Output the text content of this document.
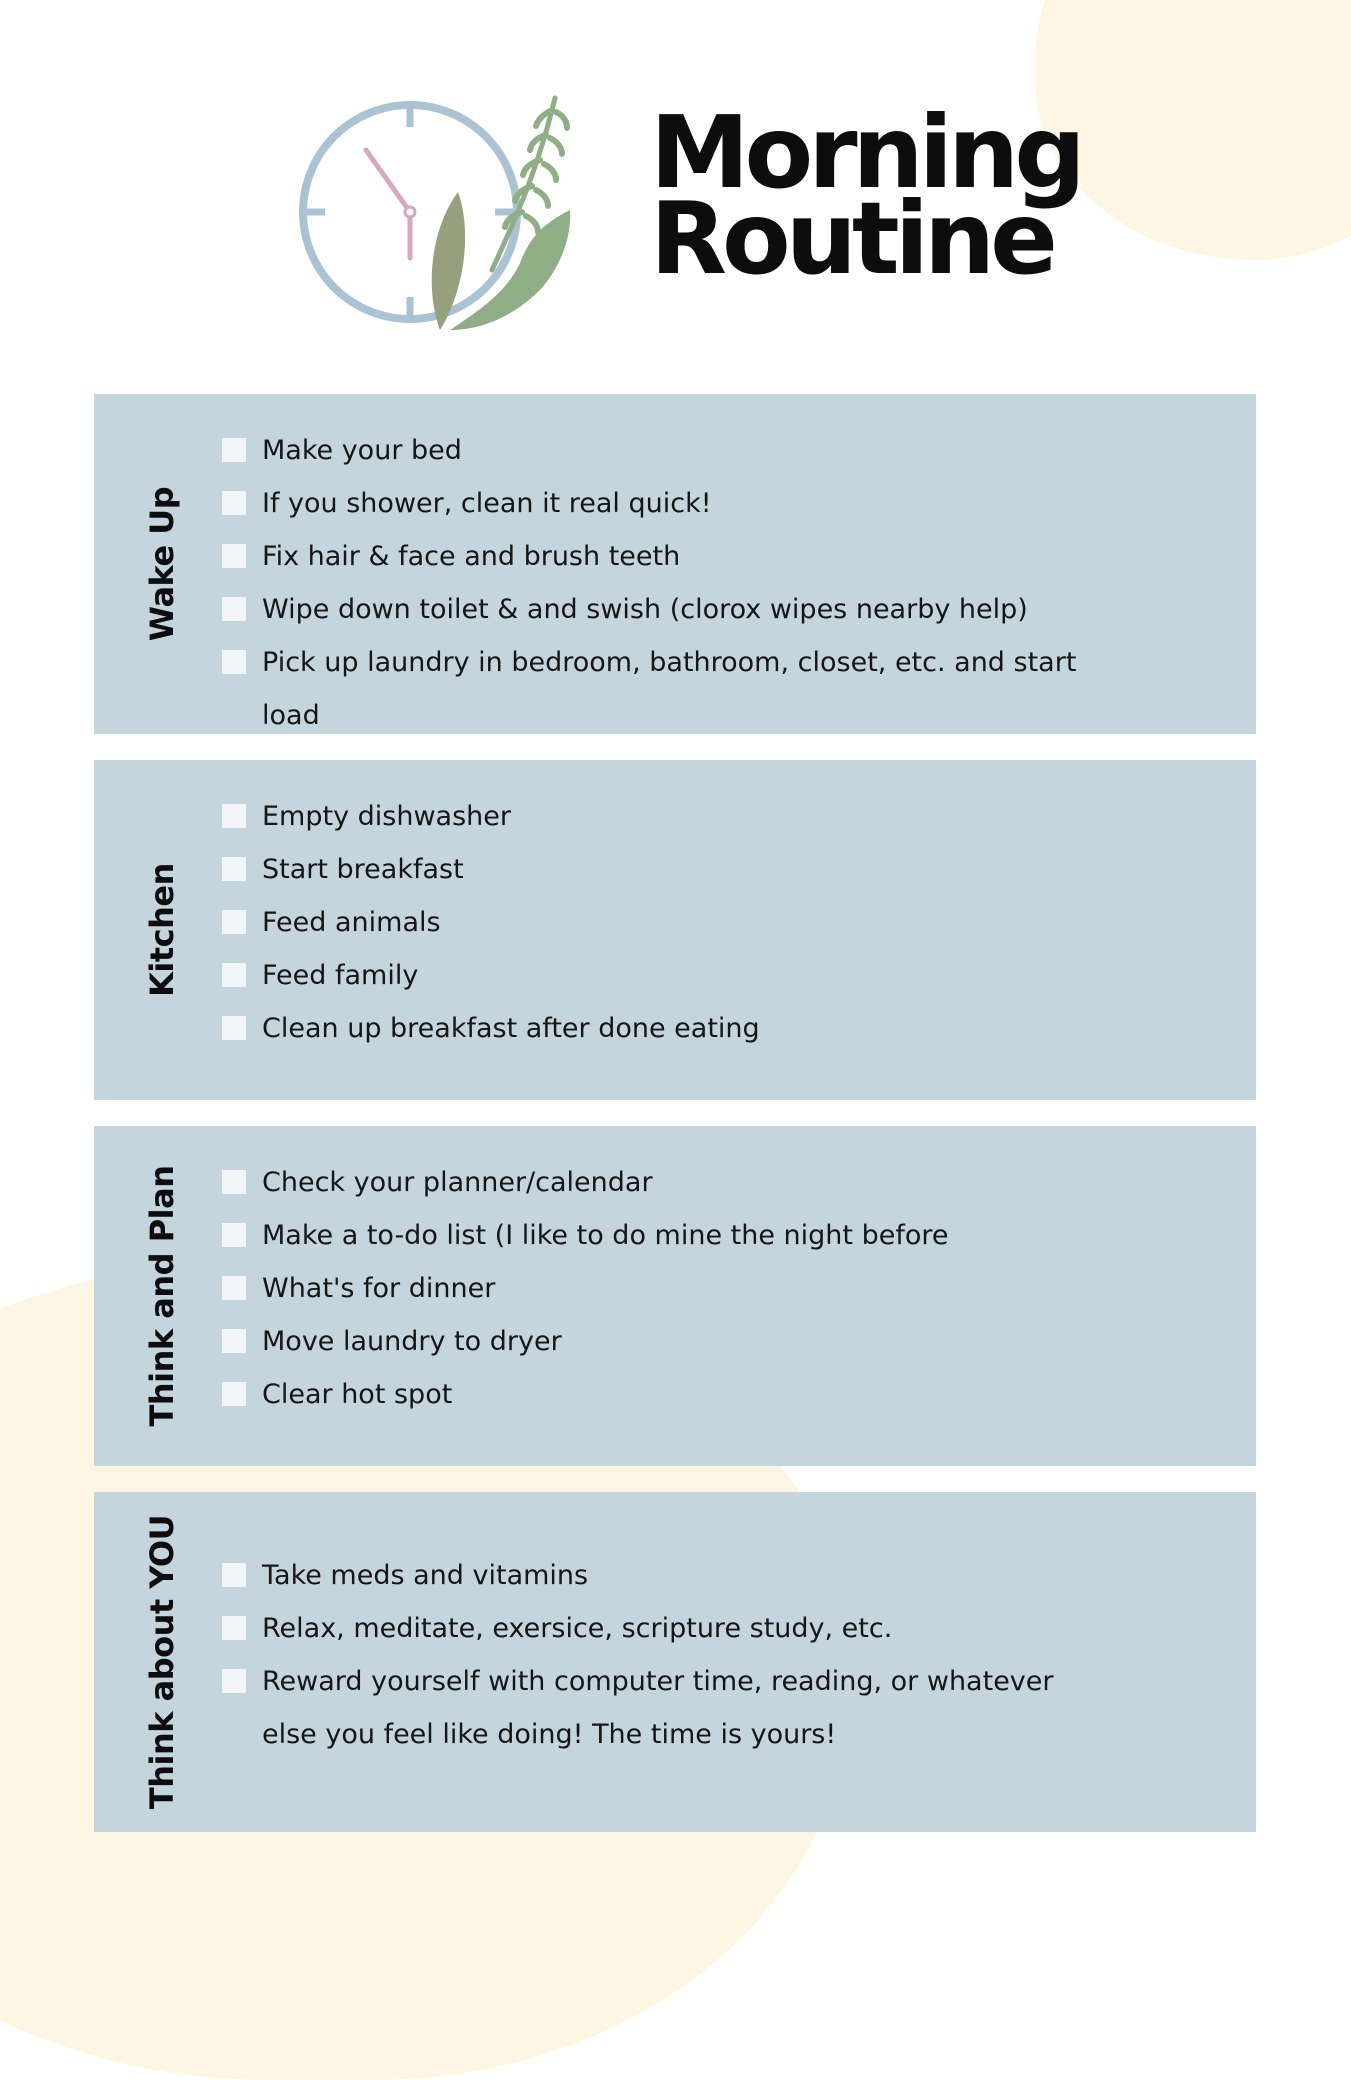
Morning
Routine
Wake Up
Make your bed
If you shower, clean it real quick!
Fix hair & face and brush teeth
Wipe down toilet & and swish (clorox wipes nearby help)
Pick up laundry in bedroom, bathroom, closet, etc. and start load
Kitchen
Empty dishwasher
Start breakfast
Feed animals
Feed family
Clean up breakfast after done eating
Think and Plan	Check your planner/calendar
Make a to-do list (I like to do mine the night before
What's for dinner
Move laundry to dryer
Clear hot spot
Think about YOU	Take meds and vitamins
Relax, meditate, exersice, scripture study, etc.
Reward yourself with computer time, reading, or whatever
else you feel like doing! The time is yours!
